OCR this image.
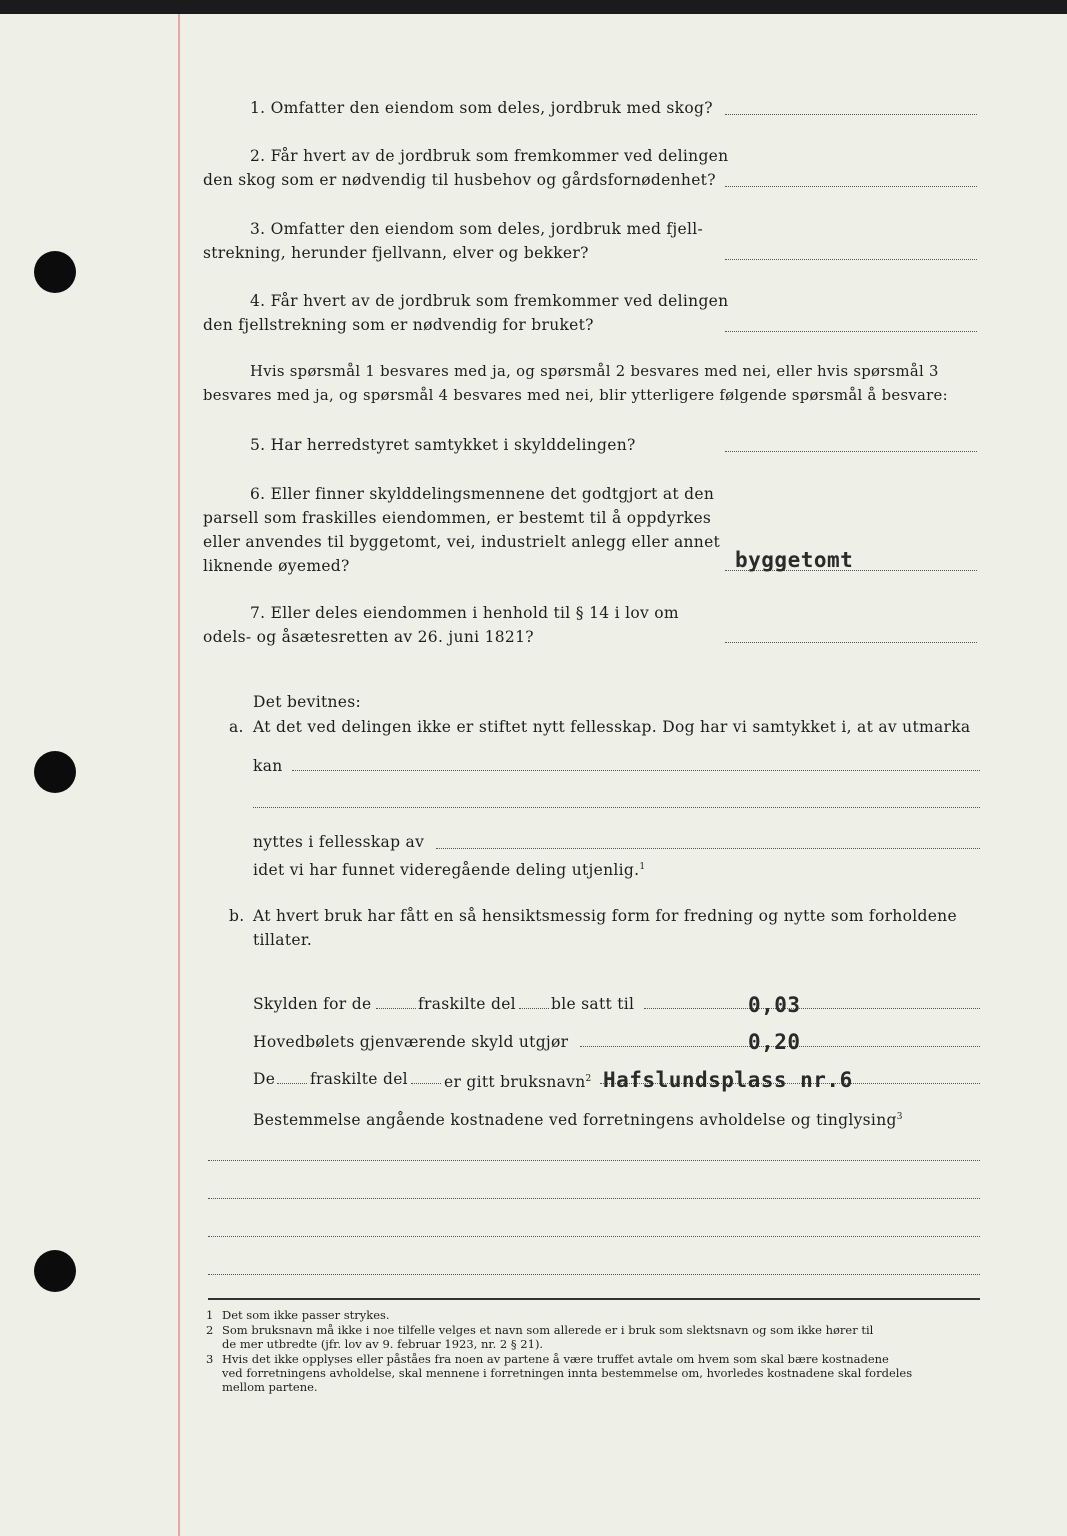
1. Omfatter den eiendom som deles, jordbruk med skog?
2. Får hvert av de jordbruk som fremkommer ved delingen
den skog som er nødvendig til husbehov og gårdsfornødenhet?
3. Omfatter den eiendom som deles, jordbruk med fjell-
strekning, herunder fjellvann, elver og bekker?
4. Får hvert av de jordbruk som fremkommer ved delingen
den fjellstrekning som er nødvendig for bruket?
Hvis spørsmål 1 besvares med ja, og spørsmål 2 besvares med nei, eller hvis spørsmål 3
besvares med ja, og spørsmål 4 besvares med nei, blir ytterligere følgende spørsmål å besvare:
5. Har herredstyret samtykket i skylddelingen?
6. Eller finner skylddelingsmennene det godtgjort at den
parsell som fraskilles eiendommen, er bestemt til å oppdyrkes
eller anvendes til byggetomt, vei, industrielt anlegg eller annet
liknende øyemed?	byggetomt
7. Eller deles eiendommen i henhold til § 14 i lov om
odels- og åsætesretten av 26. juni 1821?
Det bevitnes:
a. At det ved delingen ikke er stiftet nytt fellesskap. Dog har vi samtykket i, at av utmarka
kan
nyttes i fellesskap av
idet vi har funnet videregående deling utjenlig.$^1$
b. At hvert bruk har fått en så hensiktsmessig form for fredning og nytte som forholdene
tillater.
Skylden for de	fraskilte del ble satt til	0,03
Hovedbølets gjenværende skyld utgjør	0,20
De fraskilte del er gitt bruksnavn$^2$ Hafslundsplass nr.6
Bestemmelse angående kostnadene ved forretningens avholdelse og tinglysing$^3$
1 Det som ikke passer strykes.
2 Som bruksnavn må ikke i noe tilfelle velges et navn som allerede er i bruk som slektsnavn og som ikke hører til
de mer utbredte (jfr. lov av 9. februar 1923, nr. 2 § 21).
3 Hvis det ikke opplyses eller påståes fra noen av partene å være truffet avtale om hvem som skal bære kostnadene
ved forretningens avholdelse, skal mennene i forretningen innta bestemmelse om, hvorledes kostnadene skal fordeles
mellom partene.
